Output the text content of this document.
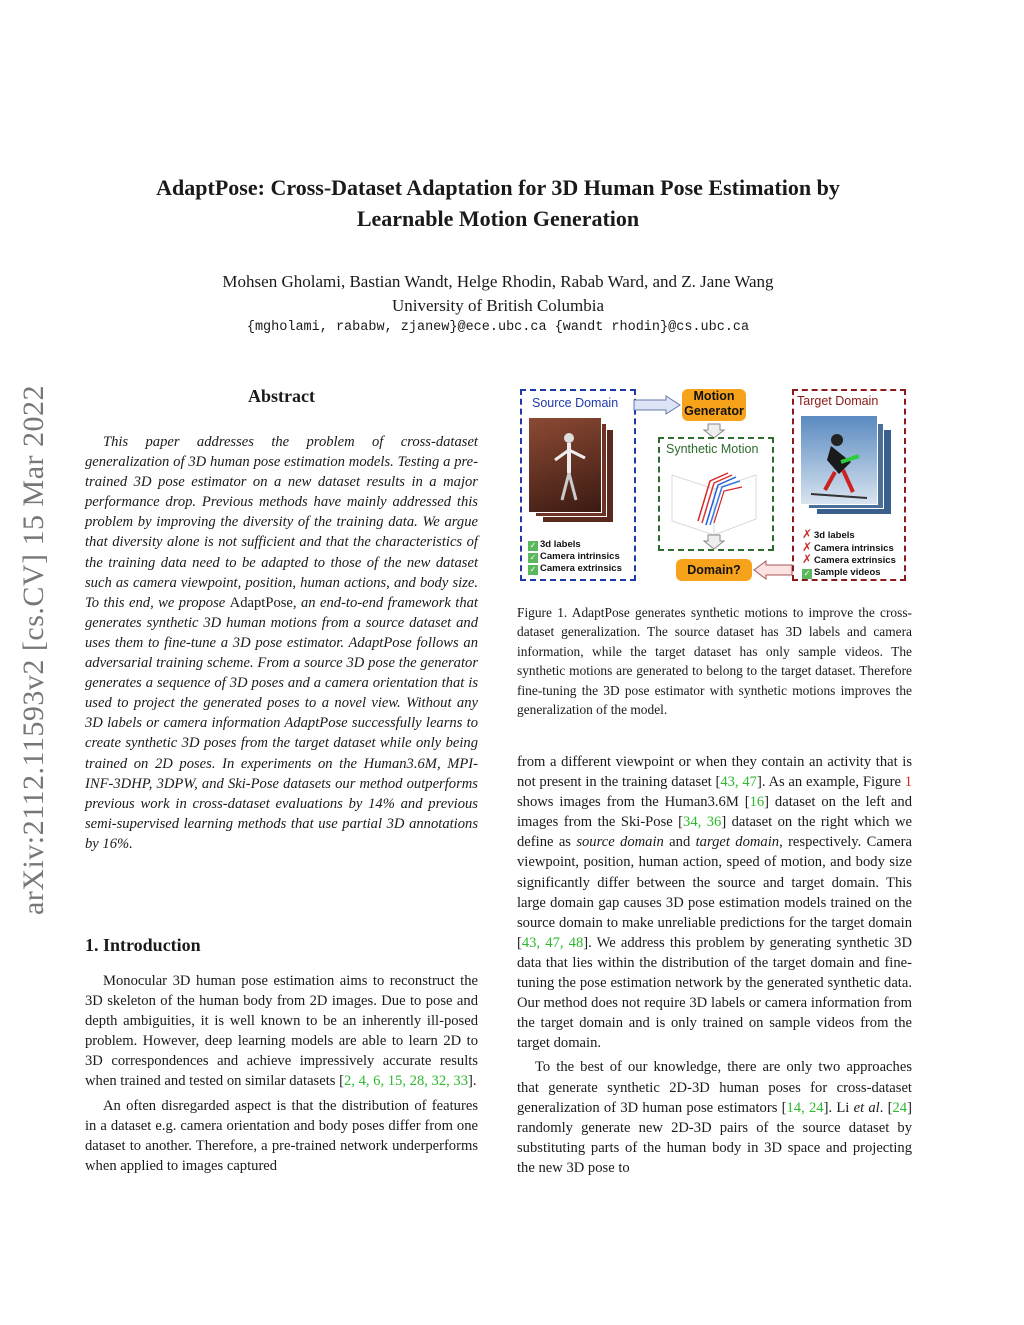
arXiv:2112.11593v2 [cs.CV] 15 Mar 2022
AdaptPose: Cross-Dataset Adaptation for 3D Human Pose Estimation by
Learnable Motion Generation
Mohsen Gholami, Bastian Wandt, Helge Rhodin, Rabab Ward, and Z. Jane Wang
University of British Columbia
{mgholami, rababw, zjanew}@ece.ubc.ca {wandt rhodin}@cs.ubc.ca
Abstract
This paper addresses the problem of cross-dataset generalization of 3D human pose estimation models. Testing a pre-trained 3D pose estimator on a new dataset results in a major performance drop. Previous methods have mainly addressed this problem by improving the diversity of the training data. We argue that diversity alone is not sufficient and that the characteristics of the training data need to be adapted to those of the new dataset such as camera viewpoint, position, human actions, and body size. To this end, we propose AdaptPose, an end-to-end framework that generates synthetic 3D human motions from a source dataset and uses them to fine-tune a 3D pose estimator. AdaptPose follows an adversarial training scheme. From a source 3D pose the generator generates a sequence of 3D poses and a camera orientation that is used to project the generated poses to a novel view. Without any 3D labels or camera information AdaptPose successfully learns to create synthetic 3D poses from the target dataset while only being trained on 2D poses. In experiments on the Human3.6M, MPI-INF-3DHP, 3DPW, and Ski-Pose datasets our method outperforms previous work in cross-dataset evaluations by 14% and previous semi-supervised learning methods that use partial 3D annotations by 16%.
1. Introduction

Monocular 3D human pose estimation aims to reconstruct the 3D skeleton of the human body from 2D images. Due to pose and depth ambiguities, it is well known to be an inherently ill-posed problem. However, deep learning models are able to learn 2D to 3D correspondences and achieve impressively accurate results when trained and tested on similar datasets [2, 4, 6, 15, 28, 32, 33].

An often disregarded aspect is that the distribution of features in a dataset e.g. camera orientation and body poses differ from one dataset to another. Therefore, a pre-trained network underperforms when applied to images captured

Source Domain
✓ 3d labels
✓ Camera intrinsics
✓ Camera extrinsics
Motion
Generator
Synthetic Motion
Domain?
Target Domain
✗ 3d labels
✗ Camera intrinsics
✗ Camera extrinsics
✓ Sample videos
Figure 1. AdaptPose generates synthetic motions to improve the cross-dataset generalization. The source dataset has 3D labels and camera information, while the target dataset has only sample videos. The synthetic motions are generated to belong to the target dataset. Therefore fine-tuning the 3D pose estimator with synthetic motions improves the generalization of the model.

from a different viewpoint or when they contain an activity that is not present in the training dataset [43, 47]. As an example, Figure 1 shows images from the Human3.6M [16] dataset on the left and images from the Ski-Pose [34, 36] dataset on the right which we define as source domain and target domain, respectively. Camera viewpoint, position, human action, speed of motion, and body size significantly differ between the source and target domain. This large domain gap causes 3D pose estimation models trained on the source domain to make unreliable predictions for the target domain [43, 47, 48]. We address this problem by generating synthetic 3D data that lies within the distribution of the target domain and fine-tuning the pose estimation network by the generated synthetic data. Our method does not require 3D labels or camera information from the target domain and is only trained on sample videos from the target domain.

To the best of our knowledge, there are only two approaches that generate synthetic 2D-3D human poses for cross-dataset generalization of 3D human pose estimators [14, 24]. Li et al. [24] randomly generate new 2D-3D pairs of the source dataset by substituting parts of the human body in 3D space and projecting the new 3D pose to
